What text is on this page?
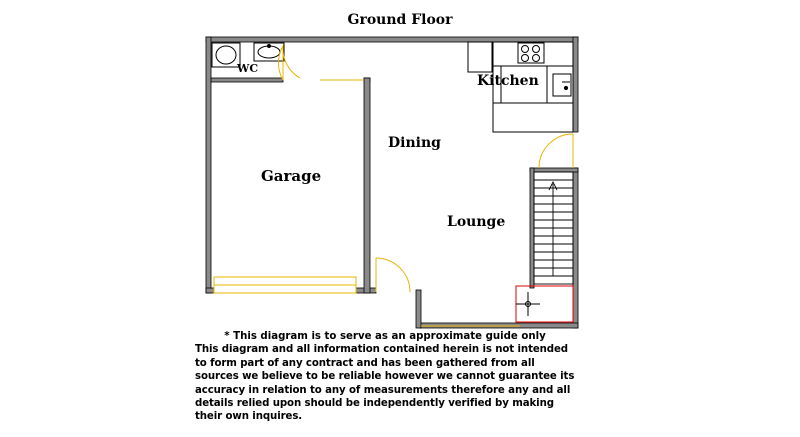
Ground Floor
WC
Kitchen
Dining
Garage
Lounge
* This diagram is to serve as an approximate guide only
This diagram and all information contained herein is not intended to form part of any contract and has been gathered from all sources we believe to be reliable however we cannot guarantee its accuracy in relation to any of measurements therefore any and all details relied upon should be independently verified by making their own inquires.
